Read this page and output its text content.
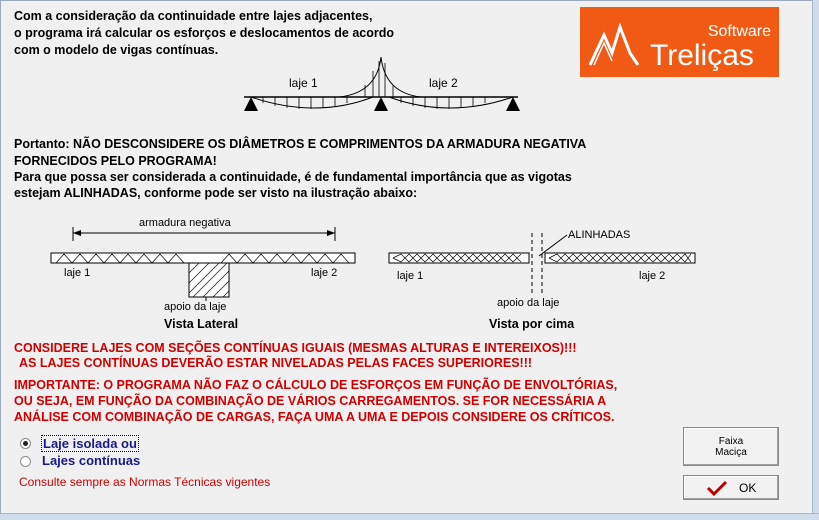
Com a consideração da continuidade entre lajes adjacentes,
o programa irá calcular os esforços e deslocamentos de acordo
com o modelo de vigas contínuas.
Software
Treliças
laje 1	laje 2
Portanto: NÃO DESCONSIDERE OS DIÂMETROS E COMPRIMENTOS DA ARMADURA NEGATIVA
FORNECIDOS PELO PROGRAMA!
Para que possa ser considerada a continuidade, é de fundamental importância que as vigotas
estejam ALINHADAS, conforme pode ser visto na ilustração abaixo:
armadura negativa
laje 1	laje 2
apoio da laje
Vista Lateral
ALINHADAS
laje 1	laje 2
apoio da laje
Vista por cima
CONSIDERE LAJES COM SEÇÕES CONTÍNUAS IGUAIS (MESMAS ALTURAS E INTEREIXOS)!!!
AS LAJES CONTÍNUAS DEVERÃO ESTAR NIVELADAS PELAS FACES SUPERIORES!!!
IMPORTANTE: O PROGRAMA NÃO FAZ O CÁLCULO DE ESFORÇOS EM FUNÇÃO DE ENVOLTÓRIAS,
OU SEJA, EM FUNÇÃO DA COMBINAÇÃO DE VÁRIOS CARREGAMENTOS. SE FOR NECESSÁRIA A
ANÁLISE COM COMBINAÇÃO DE CARGAS, FAÇA UMA A UMA E DEPOIS CONSIDERE OS CRÍTICOS.
Laje isolada ou
Lajes contínuas
Consulte sempre as Normas Técnicas vigentes
Faixa
Maciça
OK
